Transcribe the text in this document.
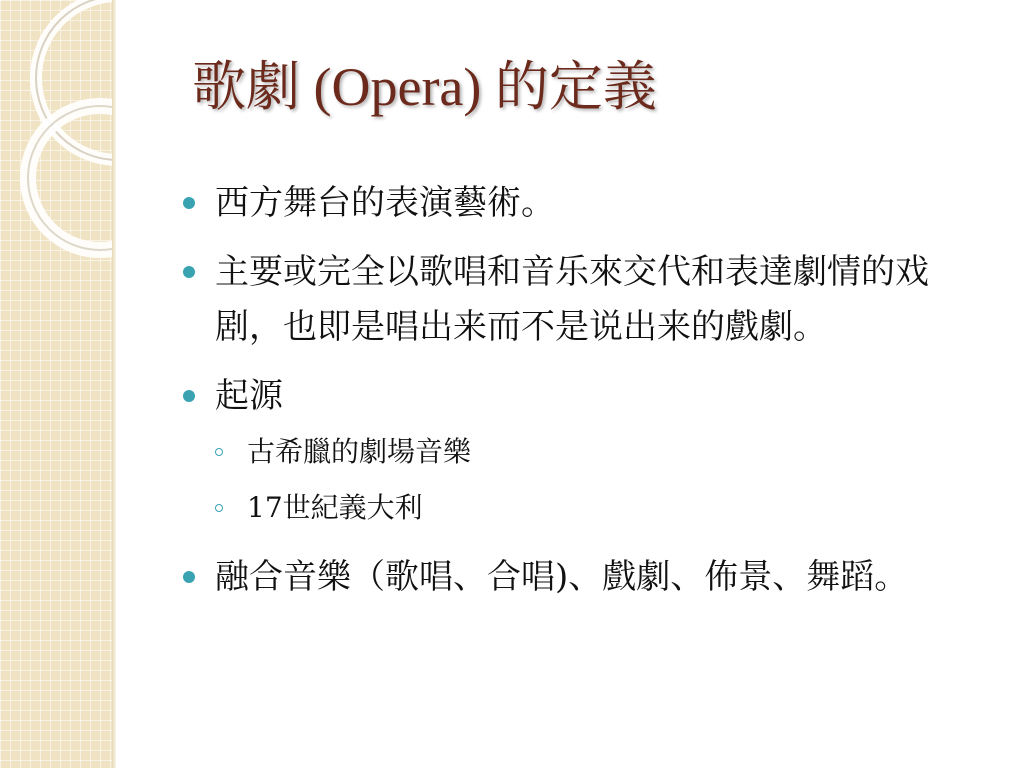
歌劇 (Opera) 的定義
西方舞台的表演藝術。
主要或完全以歌唱和音乐來交代和表達劇情的戏剧，也即是唱出来而不是说出来的戲劇。
起源
古希臘的劇場音樂
17世紀義大利
融合音樂（歌唱、合唱)、戲劇、佈景、舞蹈。
